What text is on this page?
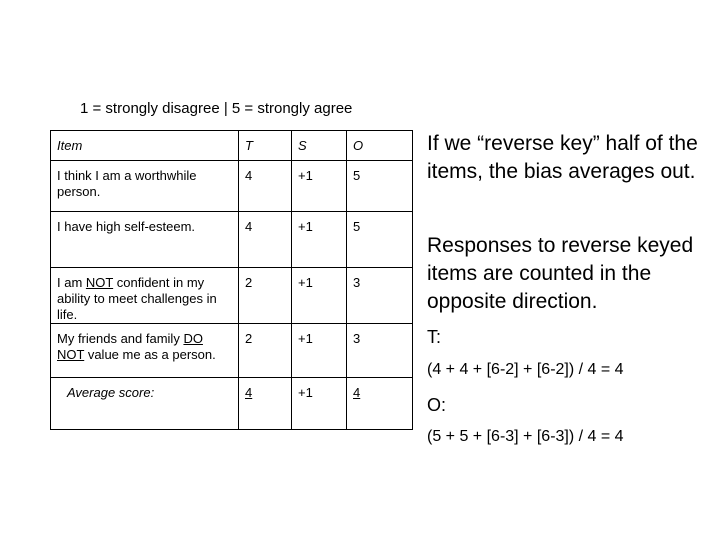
1 = strongly disagree | 5 = strongly agree
Item	T	S	O
I think I am a worthwhile person.	4	+1	5
I have high self-esteem.	4	+1	5
I am NOT confident in my ability to meet challenges in life.	2	+1	3
My friends and family DO NOT value me as a person.	2	+1	3
Average score:	4	+1	4
If we “reverse key” half of the items, the bias averages out.
Responses to reverse keyed items are counted in the opposite direction.
T:
(4 + 4 + [6-2] + [6-2]) / 4 = 4
O:
(5 + 5 + [6-3] + [6-3]) / 4 = 4
